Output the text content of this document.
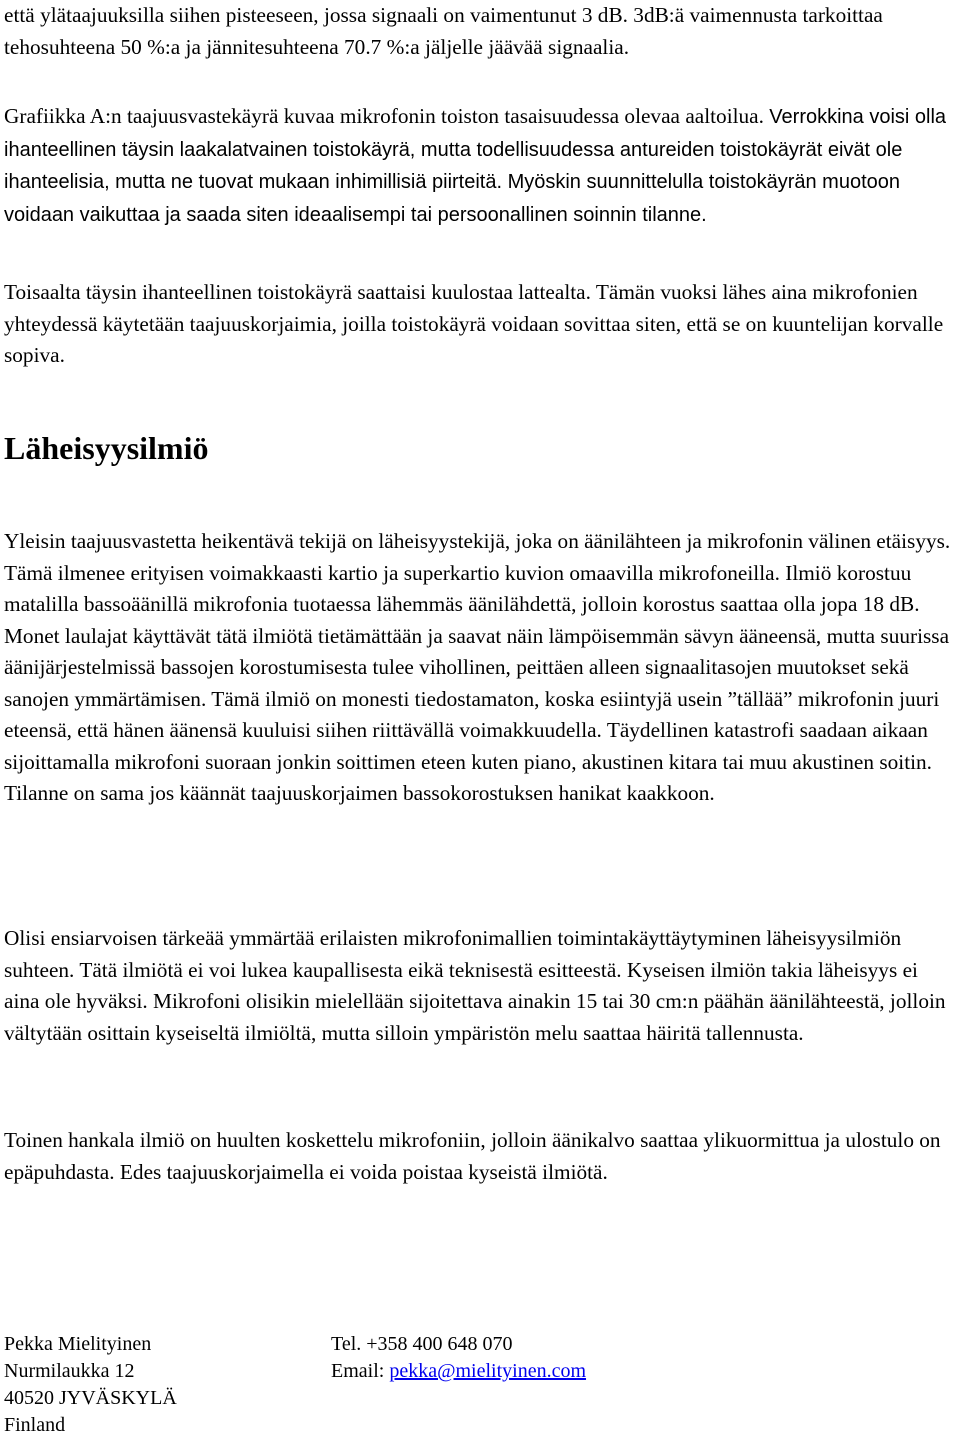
että ylätaajuuksilla siihen pisteeseen, jossa signaali on vaimentunut 3 dB. 3dB:ä vaimennusta tarkoittaa tehosuhteena 50 %:a ja jännitesuhteena 70.7 %:a jäljelle jäävää signaalia.

Grafiikka A:n taajuusvastekäyrä kuvaa mikrofonin toiston tasaisuudessa olevaa aaltoilua. Verrokkina voisi olla ihanteellinen täysin laakalatvainen toistokäyrä, mutta todellisuudessa antureiden toistokäyrät eivät ole ihanteelisia, mutta ne tuovat mukaan inhimillisiä piirteitä. Myöskin suunnittelulla toistokäyrän muotoon voidaan vaikuttaa ja saada siten ideaalisempi tai persoonallinen soinnin tilanne.

Toisaalta täysin ihanteellinen toistokäyrä saattaisi kuulostaa lattealta. Tämän vuoksi lähes aina mikrofonien yhteydessä käytetään taajuuskorjaimia, joilla toistokäyrä voidaan sovittaa siten, että se on kuuntelijan korvalle sopiva.

Läheisyysilmiö

Yleisin taajuusvastetta heikentävä tekijä on läheisyystekijä, joka on äänilähteen ja mikrofonin välinen etäisyys. Tämä ilmenee erityisen voimakkaasti kartio ja superkartio kuvion omaavilla mikrofoneilla. Ilmiö korostuu matalilla bassoäänillä mikrofonia tuotaessa lähemmäs äänilähdettä, jolloin korostus saattaa olla jopa 18 dB. Monet laulajat käyttävät tätä ilmiötä tietämättään ja saavat näin lämpöisemmän sävyn ääneensä, mutta suurissa äänijärjestelmissä bassojen korostumisesta tulee vihollinen, peittäen alleen signaalitasojen muutokset sekä sanojen ymmärtämisen. Tämä ilmiö on monesti tiedostamaton, koska esiintyjä usein ”tällää” mikrofonin juuri eteensä, että hänen äänensä kuuluisi siihen riittävällä voimakkuudella. Täydellinen katastrofi saadaan aikaan sijoittamalla mikrofoni suoraan jonkin soittimen eteen kuten piano, akustinen kitara tai muu akustinen soitin. Tilanne on sama jos käännät taajuuskorjaimen bassokorostuksen hanikat kaakkoon.

Olisi ensiarvoisen tärkeää ymmärtää erilaisten mikrofonimallien toimintakäyttäytyminen läheisyysilmiön suhteen. Tätä ilmiötä ei voi lukea kaupallisesta eikä teknisestä esitteestä. Kyseisen ilmiön takia läheisyys ei aina ole hyväksi. Mikrofoni olisikin mielellään sijoitettava ainakin 15 tai 30 cm:n päähän äänilähteestä, jolloin vältytään osittain kyseiseltä ilmiöltä, mutta silloin ympäristön melu saattaa häiritä tallennusta.

Toinen hankala ilmiö on huulten koskettelu mikrofoniin, jolloin äänikalvo saattaa ylikuormittua ja ulostulo on epäpuhdasta. Edes taajuuskorjaimella ei voida poistaa kyseistä ilmiötä.

Pekka Mielityinen
Nurmilaukka 12
40520 JYVÄSKYLÄ
Finland
Tel. +358 400 648 070
Email: pekka@mielityinen.com
